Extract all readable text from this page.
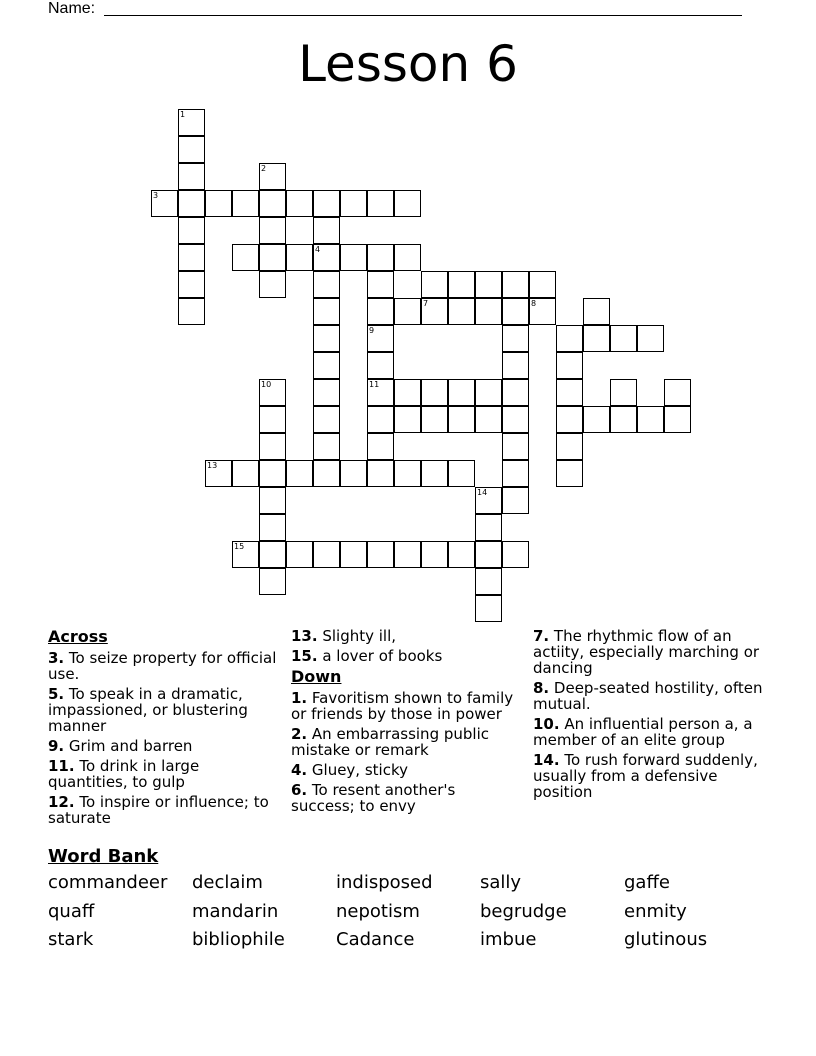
Name:
Lesson 6
1
2
3
4
9
11
7	8
10
13
14
15
Across
3. To seize property for official use.
5. To speak in a dramatic, impassioned, or blustering manner
9. Grim and barren
11. To drink in large quantities, to gulp
12. To inspire or influence; to saturate
13. Slighty ill,
15. a lover of books
Down
1. Favoritism shown to family or friends by those in power
2. An embarrassing public mistake or remark
4. Gluey, sticky
6. To resent another's success; to envy
7. The rhythmic flow of an actiity, especially marching or dancing
8. Deep-seated hostility, often mutual.
10. An influential person a, a member of an elite group
14. To rush forward suddenly, usually from a defensive position
Word Bank
commandeer	declaim	indisposed	sally	gaffe
quaff	mandarin	nepotism	begrudge	enmity
stark	bibliophile	Cadance	imbue	glutinous
